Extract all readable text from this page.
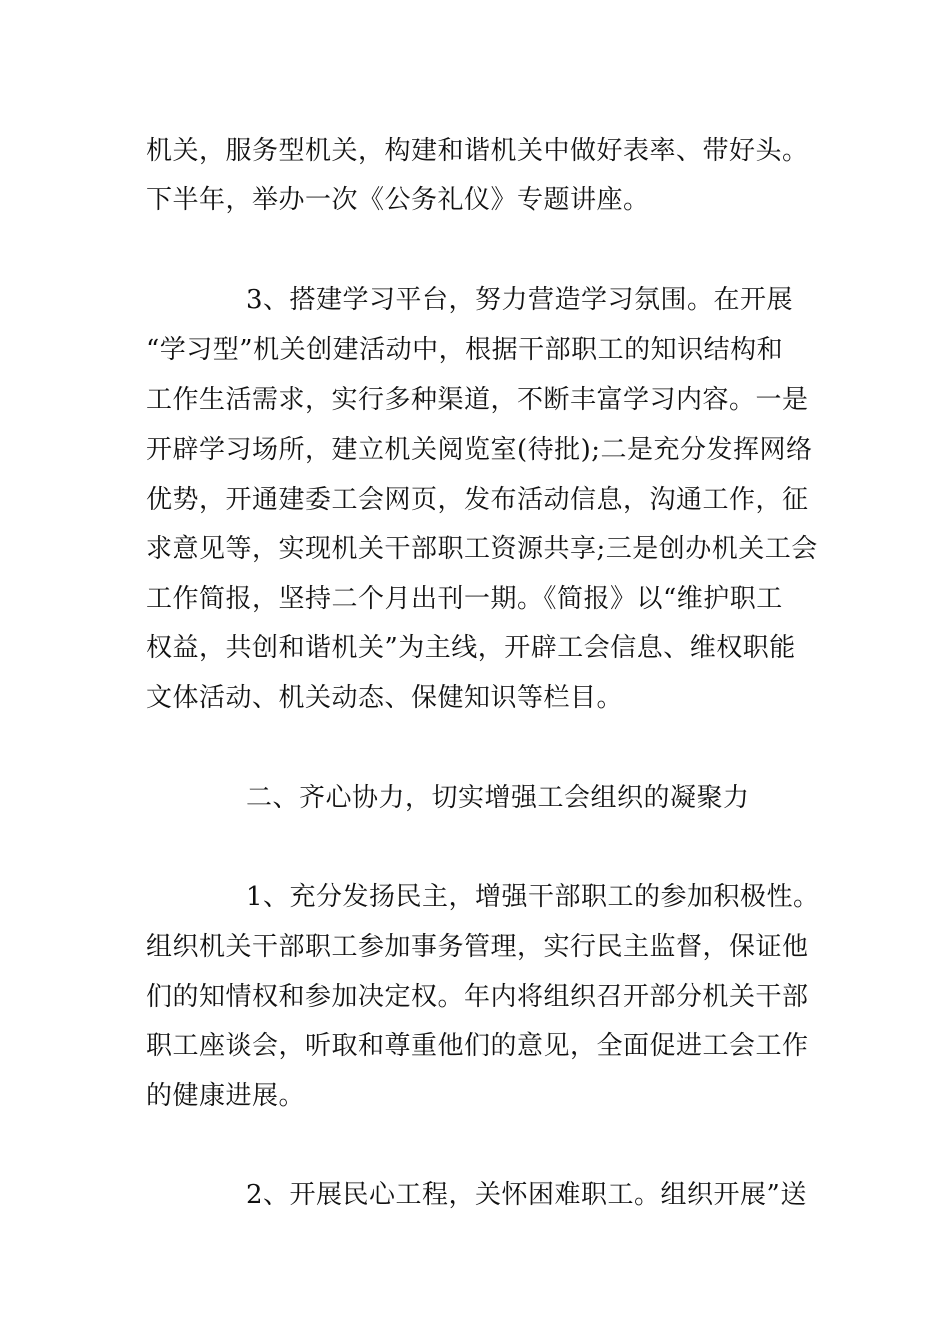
机关，服务型机关，构建和谐机关中做好表率、带好头。
下半年，举办一次《公务礼仪》专题讲座。
3、搭建学习平台，努力营造学习氛围。在开展
“学习型”机关创建活动中，根据干部职工的知识结构和
工作生活需求，实行多种渠道，不断丰富学习内容。一是
开辟学习场所，建立机关阅览室(待批);二是充分发挥网络
优势，开通建委工会网页，发布活动信息，沟通工作，征
求意见等，实现机关干部职工资源共享;三是创办机关工会
工作简报，坚持二个月出刊一期。《简报》以“维护职工
权益，共创和谐机关”为主线，开辟工会信息、维权职能
文体活动、机关动态、保健知识等栏目。
二、齐心协力，切实增强工会组织的凝聚力
1、充分发扬民主，增强干部职工的参加积极性。
组织机关干部职工参加事务管理，实行民主监督，保证他
们的知情权和参加决定权。年内将组织召开部分机关干部
职工座谈会，听取和尊重他们的意见，全面促进工会工作
的健康进展。
2、开展民心工程，关怀困难职工。组织开展”送
